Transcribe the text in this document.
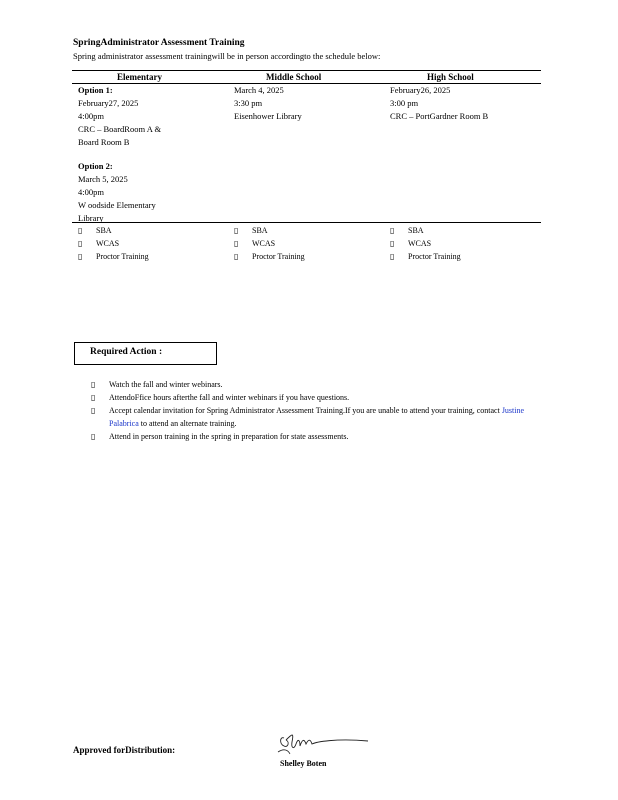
SpringAdministrator Assessment Training
Spring administrator assessment trainingwill be in person accordingto the schedule below:
Elementary	Middle School	High School
Option 1:
February27, 2025
4:00pm
CRC – BoardRoom A &
Board Room B
Option 2:
March 5, 2025
4:00pm
W oodside Elementary
Library
March 4, 2025
3:30 pm
Eisenhower Library
February26, 2025
3:00 pm
CRC – PortGardner Room B
▯ SBA
▯ WCAS
▯ Proctor Training
▯ SBA
▯ WCAS
▯ Proctor Training
▯ SBA
▯ WCAS
▯ Proctor Training
Required Action :
▯ Watch the fall and winter webinars.
▯ AttendoFfice hours afterthe fall and winter webinars if you have questions.
▯ Accept calendar invitation for Spring Administrator Assessment Training.If you are unable to attend your training, contact Justine Palabrica to attend an alternate training.
▯ Attend in person training in the spring in preparation for state assessments.
Approved forDistribution:
Shelley Boten
